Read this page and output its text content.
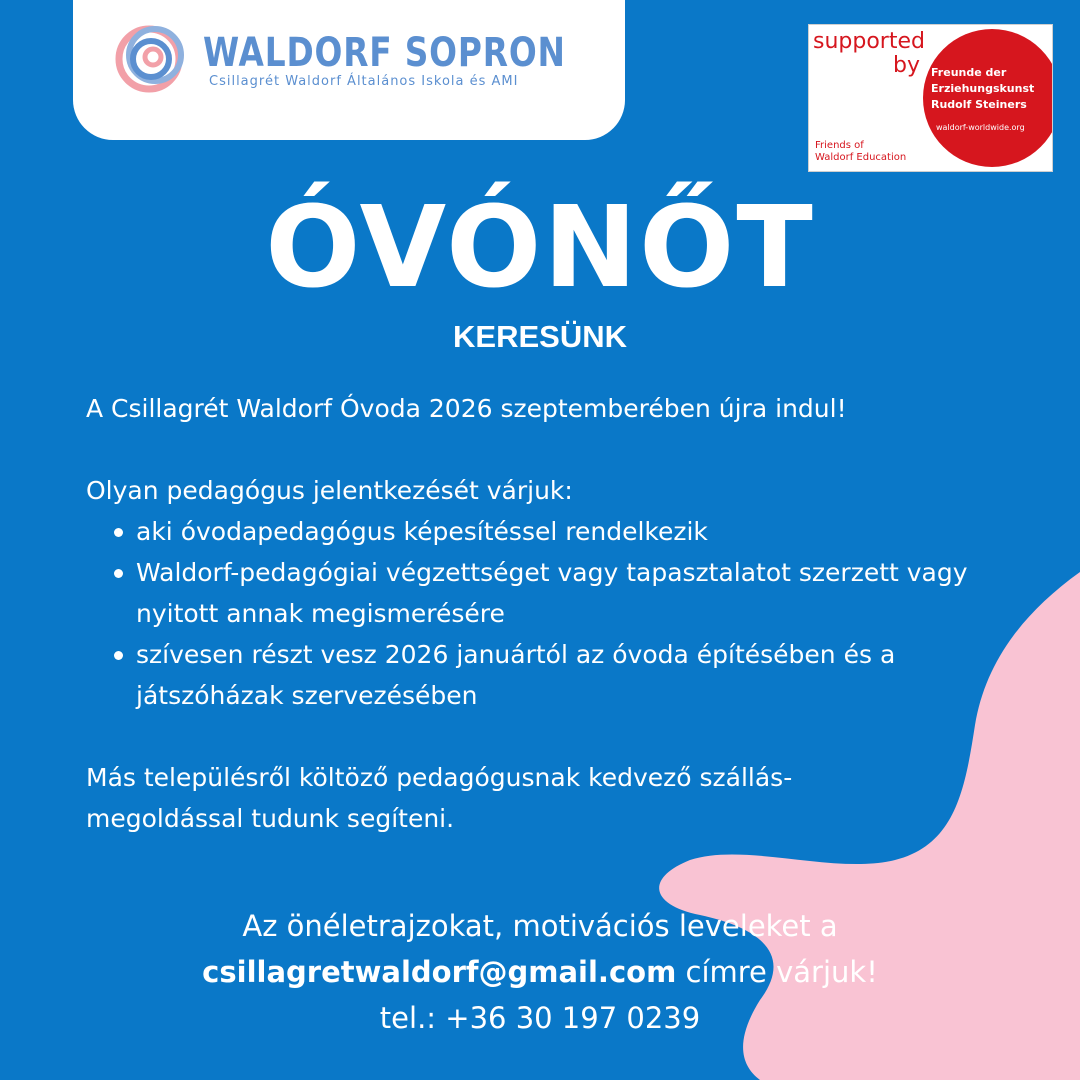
WALDORF SOPRON
Csillagrét Waldorf Általános Iskola és AMI
supported
by Freunde der
Erziehungskunst
Rudolf Steiners
waldorf-worldwide.org
Friends of
Waldorf Education
ÓVÓNŐT
KERESÜNK

A Csillagrét Waldorf Óvoda 2026 szeptemberében újra indul!

Olyan pedagógus jelentkezését várjuk:

aki óvodapedagógus képesítéssel rendelkezik
Waldorf-pedagógiai végzettséget vagy tapasztalatot szerzett vagy nyitott annak megismerésére
szívesen részt vesz 2026 januártól az óvoda építésében és a játszóházak szervezésében

Más településről költöző pedagógusnak kedvező szállás-

megoldással tudunk segíteni.

Az önéletrajzokat, motivációs leveleket a

csillagretwaldorf@gmail.com címre várjuk!

tel.: +36 30 197 0239
